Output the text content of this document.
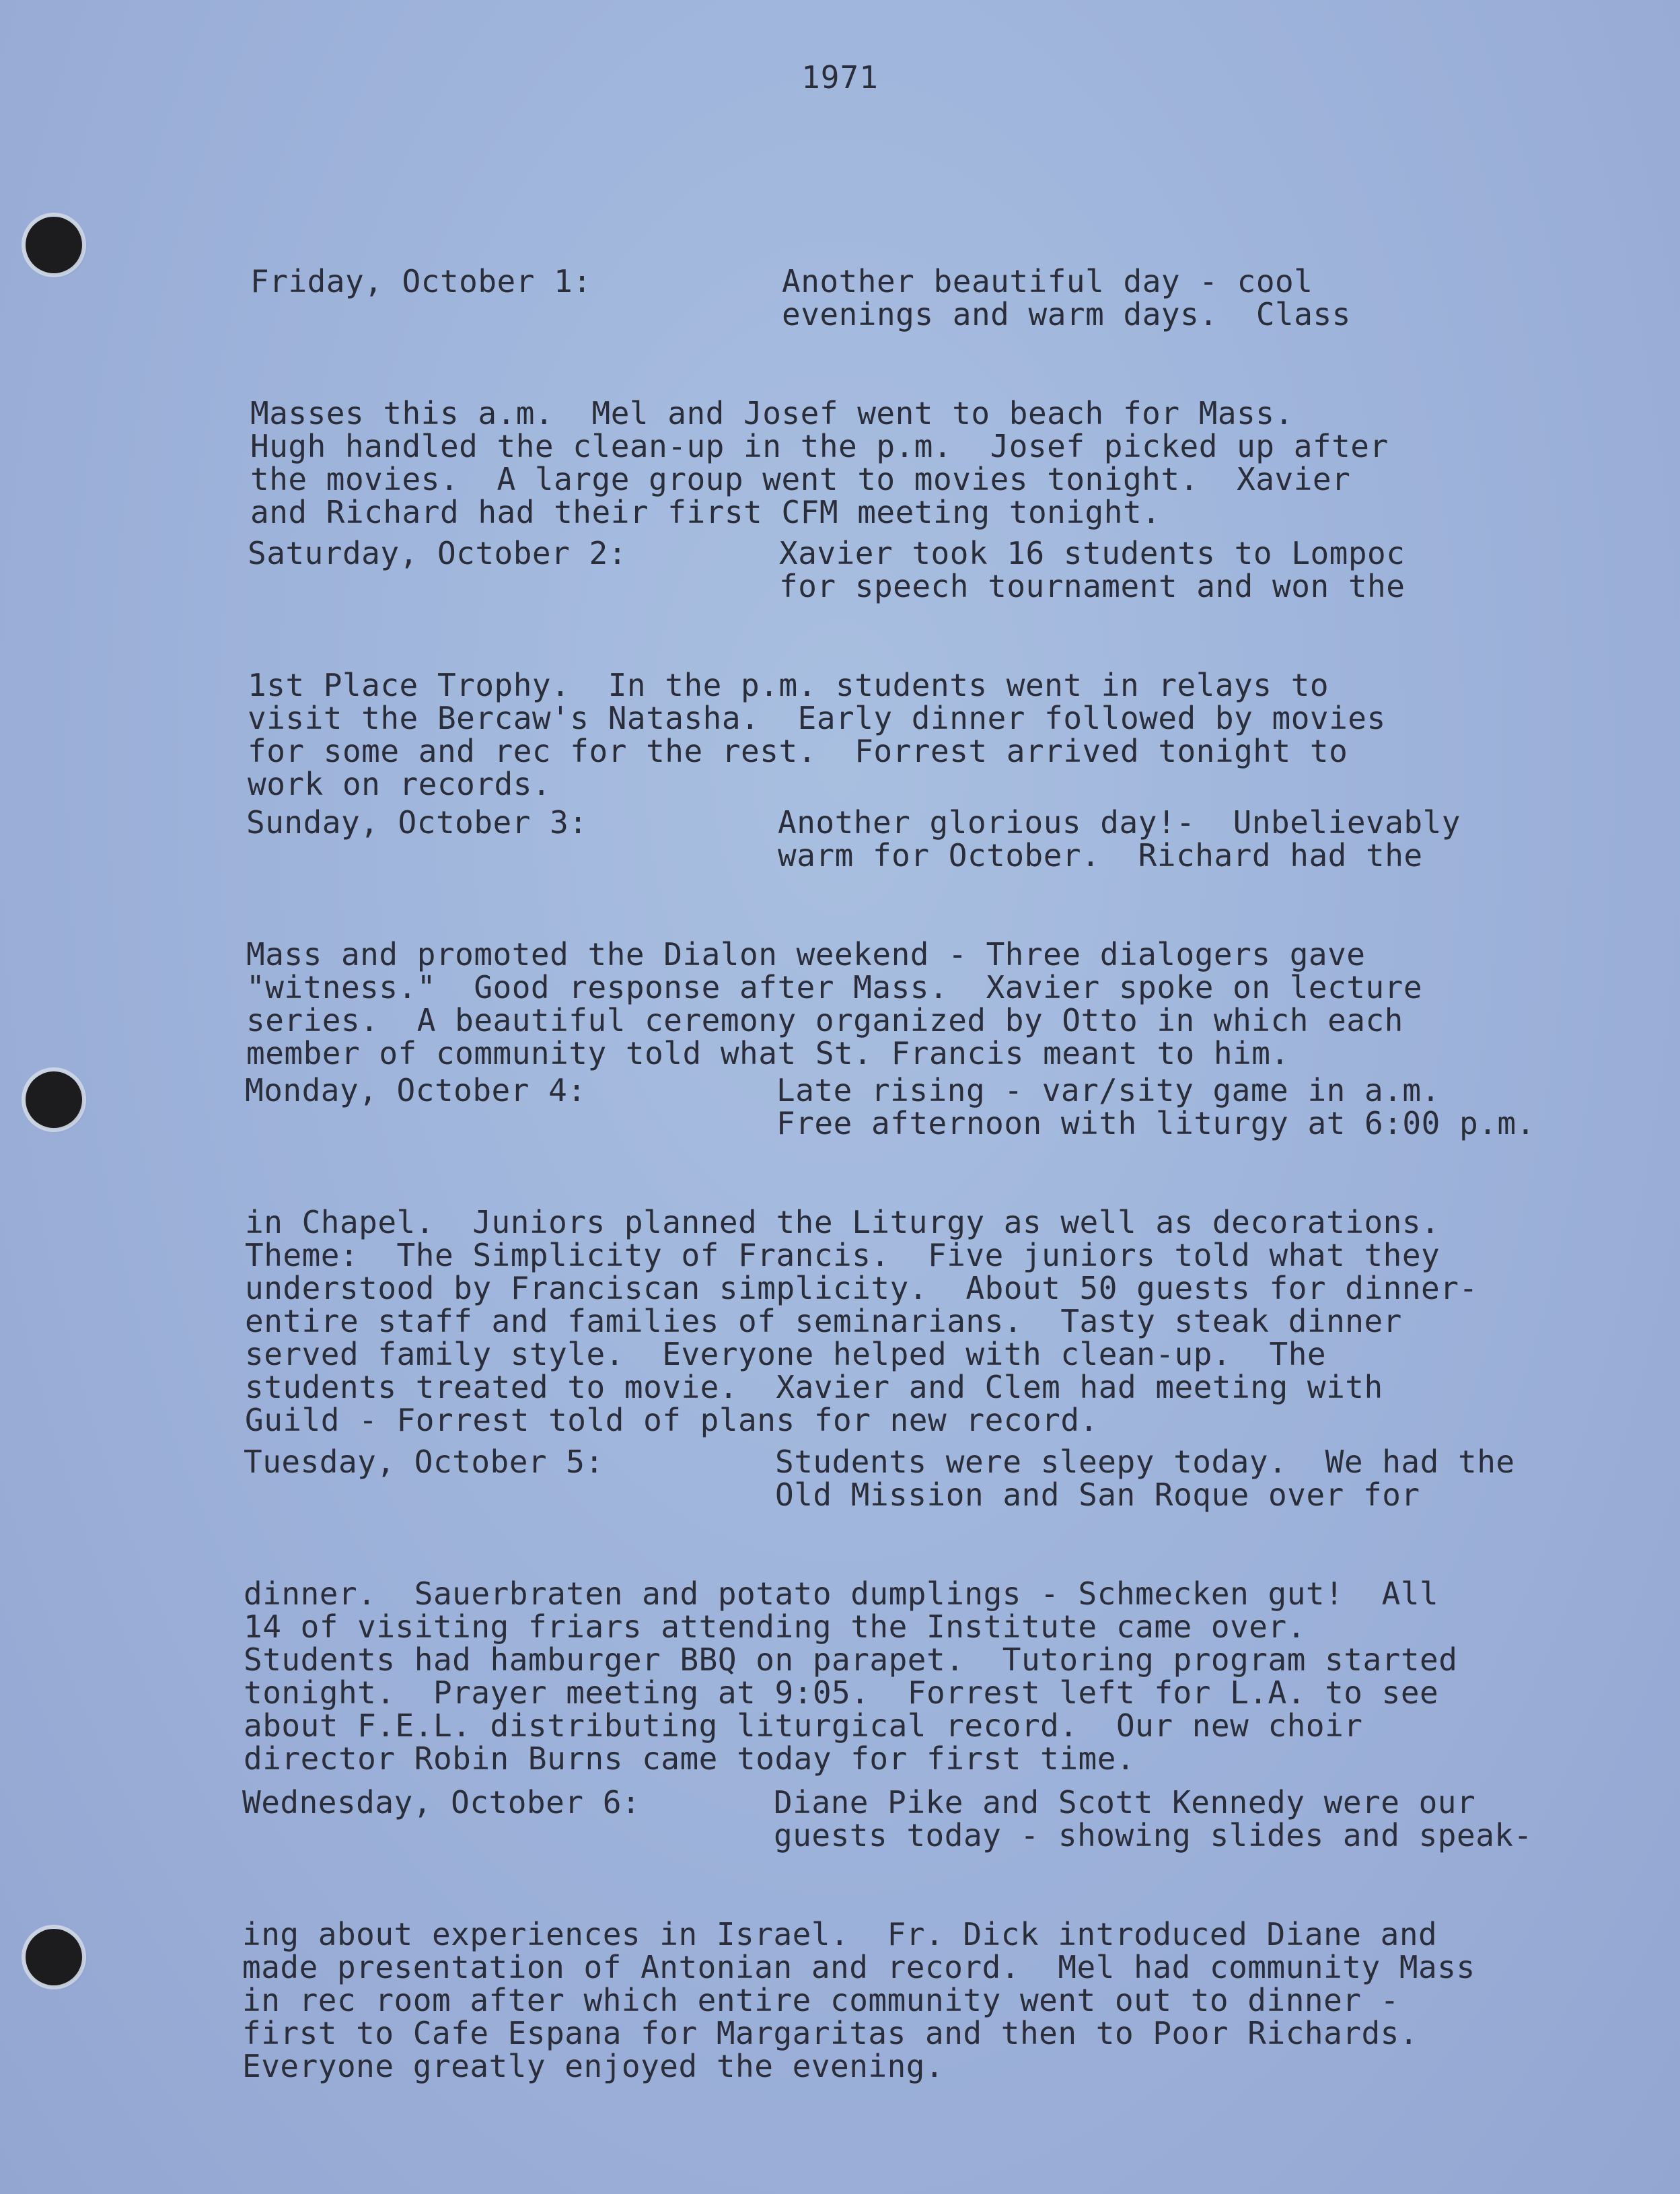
1971

Friday, October 1:	Another beautiful day - cool
evenings and warm days.  Class

Masses this a.m.  Mel and Josef went to beach for Mass.
Hugh handled the clean-up in the p.m.  Josef picked up after
the movies.  A large group went to movies tonight.  Xavier
and Richard had their first CFM meeting tonight.

Saturday, October 2:	Xavier took 16 students to Lompoc
for speech tournament and won the

1st Place Trophy.  In the p.m. students went in relays to
visit the Bercaw's Natasha.  Early dinner followed by movies
for some and rec for the rest.  Forrest arrived tonight to
work on records.

Sunday, October 3:	Another glorious day!-  Unbelievably
warm for October.  Richard had the

Mass and promoted the Dialon weekend - Three dialogers gave
"witness."  Good response after Mass.  Xavier spoke on lecture
series.  A beautiful ceremony organized by Otto in which each
member of community told what St. Francis meant to him.

Monday, October 4:	Late rising - var/sity game in a.m.
Free afternoon with liturgy at 6:00 p.m.

in Chapel.  Juniors planned the Liturgy as well as decorations.
Theme:  The Simplicity of Francis.  Five juniors told what they
understood by Franciscan simplicity.  About 50 guests for dinner-
entire staff and families of seminarians.  Tasty steak dinner
served family style.  Everyone helped with clean-up.  The
students treated to movie.  Xavier and Clem had meeting with
Guild - Forrest told of plans for new record.

Tuesday, October 5:	Students were sleepy today.  We had the
Old Mission and San Roque over for

dinner.  Sauerbraten and potato dumplings - Schmecken gut!  All
14 of visiting friars attending the Institute came over.
Students had hamburger BBQ on parapet.  Tutoring program started
tonight.  Prayer meeting at 9:05.  Forrest left for L.A. to see
about F.E.L. distributing liturgical record.  Our new choir
director Robin Burns came today for first time.

Wednesday, October 6:	Diane Pike and Scott Kennedy were our
guests today - showing slides and speak-

ing about experiences in Israel.  Fr. Dick introduced Diane and
made presentation of Antonian and record.  Mel had community Mass
in rec room after which entire community went out to dinner -
first to Cafe Espana for Margaritas and then to Poor Richards.
Everyone greatly enjoyed the evening.
